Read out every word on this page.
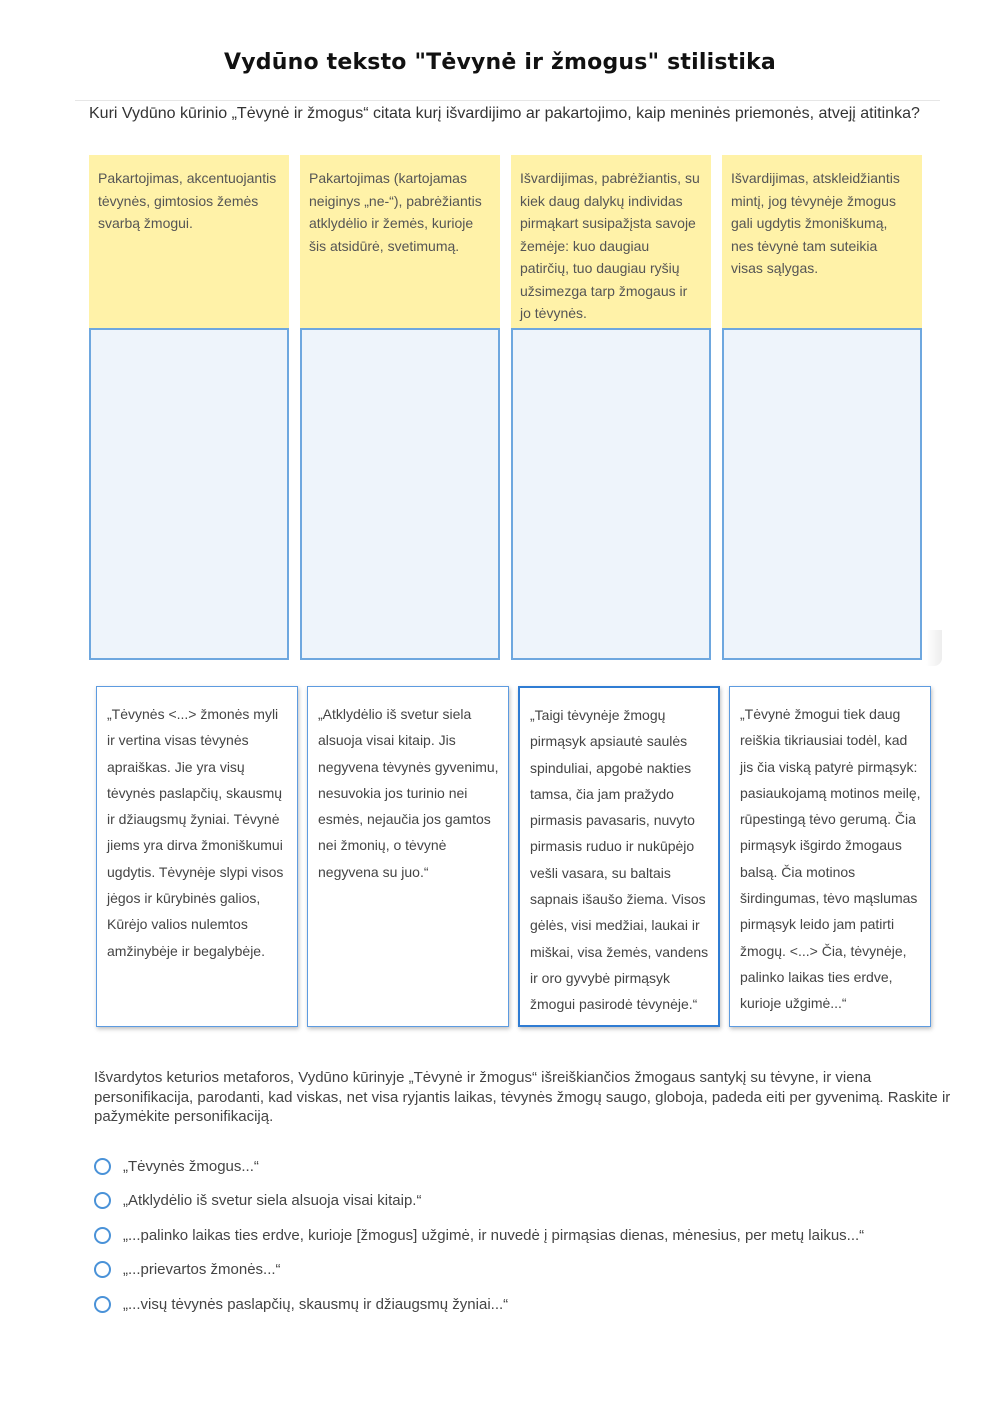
Vydūno teksto "Tėvynė ir žmogus" stilistika
Kuri Vydūno kūrinio „Tėvynė ir žmogus“ citata kurį išvardijimo ar pakartojimo, kaip meninės priemonės, atvejį atitinka?
Pakartojimas, akcentuojantis tėvynės, gimtosios žemės svarbą žmogui.
Pakartojimas (kartojamas neiginys „ne-“), pabrėžiantis atklydėlio ir žemės, kurioje šis atsidūrė, svetimumą.
Išvardijimas, pabrėžiantis, su kiek daug dalykų individas pirmąkart susipažįsta savoje žemėje: kuo daugiau patirčių, tuo daugiau ryšių užsimezga tarp žmogaus ir jo tėvynės.
Išvardijimas, atskleidžiantis mintį, jog tėvynėje žmogus gali ugdytis žmoniškumą, nes tėvynė tam suteikia visas sąlygas.
„Tėvynės <...> žmonės myli ir vertina visas tėvynės apraiškas. Jie yra visų tėvynės paslapčių, skausmų ir džiaugsmų žyniai. Tėvynė jiems yra dirva žmoniškumui ugdytis. Tėvynėje slypi visos jėgos ir kūrybinės galios, Kūrėjo valios nulemtos amžinybėje ir begalybėje.
„Atklydėlio iš svetur siela alsuoja visai kitaip. Jis negyvena tėvynės gyvenimu, nesuvokia jos turinio nei esmės, nejaučia jos gamtos nei žmonių, o tėvynė negyvena su juo.“
„Taigi tėvynėje žmogų pirmąsyk apsiautė saulės spinduliai, apgobė nakties tamsa, čia jam pražydo pirmasis pavasaris, nuvyto pirmasis ruduo ir nukūpėjo vešli vasara, su baltais sapnais išaušo žiema. Visos gėlės, visi medžiai, laukai ir miškai, visa žemės, vandens ir oro gyvybė pirmąsyk žmogui pasirodė tėvynėje.“
„Tėvynė žmogui tiek daug reiškia tikriausiai todėl, kad jis čia viską patyrė pirmąsyk: pasiaukojamą motinos meilę, rūpestingą tėvo gerumą. Čia pirmąsyk išgirdo žmogaus balsą. Čia motinos širdingumas, tėvo mąslumas pirmąsyk leido jam patirti žmogų. <...> Čia, tėvynėje, palinko laikas ties erdve, kurioje užgimė...“
Išvardytos keturios metaforos, Vydūno kūrinyje „Tėvynė ir žmogus“ išreiškiančios žmogaus santykį su tėvyne, ir viena personifikacija, parodanti, kad viskas, net visa ryjantis laikas, tėvynės žmogų saugo, globoja, padeda eiti per gyvenimą. Raskite ir pažymėkite personifikaciją.
„Tėvynės žmogus...“
„Atklydėlio iš svetur siela alsuoja visai kitaip.“
„...palinko laikas ties erdve, kurioje [žmogus] užgimė, ir nuvedė į pirmąsias dienas, mėnesius, per metų laikus...“
„...prievartos žmonės...“
„...visų tėvynės paslapčių, skausmų ir džiaugsmų žyniai...“
